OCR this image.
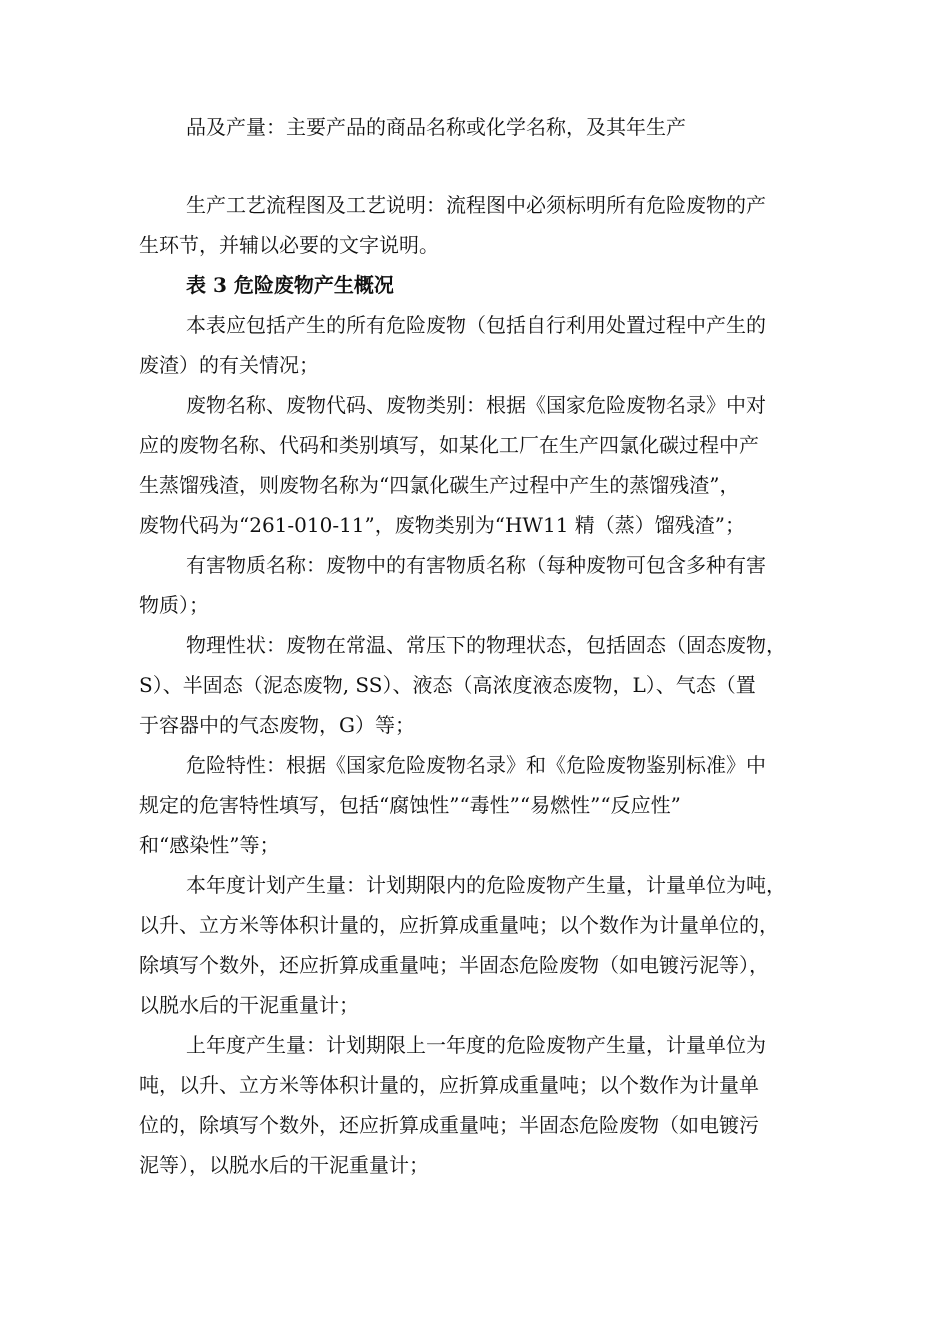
品及产量：主要产品的商品名称或化学名称，及其年生产

生产工艺流程图及工艺说明：流程图中必须标明所有危险废物的产
生环节，并辅以必要的文字说明。

表 3 危险废物产生概况

本表应包括产生的所有危险废物（包括自行利用处置过程中产生的
废渣）的有关情况；

废物名称、废物代码、废物类别：根据《国家危险废物名录》中对
应的废物名称、代码和类别填写，如某化工厂在生产四氯化碳过程中产
生蒸馏残渣，则废物名称为“四氯化碳生产过程中产生的蒸馏残渣”，
废物代码为“261-010-11”，废物类别为“HW11 精（蒸）馏残渣”；

有害物质名称：废物中的有害物质名称（每种废物可包含多种有害
物质）；

物理性状：废物在常温、常压下的物理状态，包括固态（固态废物，
S）、半固态（泥态废物, SS）、液态（高浓度液态废物，L）、气态（置
于容器中的气态废物，G）等；

危险特性：根据《国家危险废物名录》和《危险废物鉴别标准》中
规定的危害特性填写，包括“腐蚀性”“毒性”“易燃性”“反应性”
和“感染性”等；

本年度计划产生量：计划期限内的危险废物产生量，计量单位为吨，
以升、立方米等体积计量的，应折算成重量吨；以个数作为计量单位的，
除填写个数外，还应折算成重量吨；半固态危险废物（如电镀污泥等），
以脱水后的干泥重量计；

上年度产生量：计划期限上一年度的危险废物产生量，计量单位为
吨，以升、立方米等体积计量的，应折算成重量吨；以个数作为计量单
位的，除填写个数外，还应折算成重量吨；半固态危险废物（如电镀污
泥等），以脱水后的干泥重量计；
